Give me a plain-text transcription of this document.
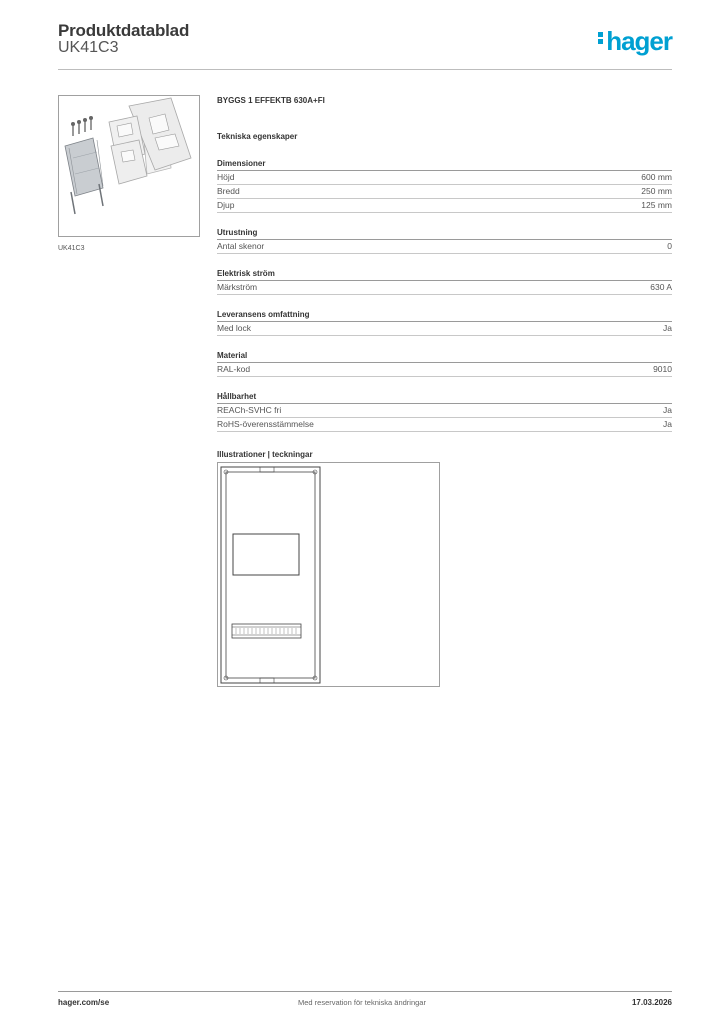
Produktdatablad
UK41C3	hager
UK41C3
BYGGS 1 EFFEKTB 630A+FI
Tekniska egenskaper
Dimensioner
Höjd	600 mm
Bredd	250 mm
Djup	125 mm
Utrustning
Antal skenor	0
Elektrisk ström
Märkström	630 A
Leveransens omfattning
Med lock	Ja
Material
RAL-kod	9010
Hållbarhet
REACh-SVHC fri	Ja
RoHS-överensstämmelse	Ja
Illustrationer | teckningar
hager.com/se	Med reservation för tekniska ändringar	17.03.2026
